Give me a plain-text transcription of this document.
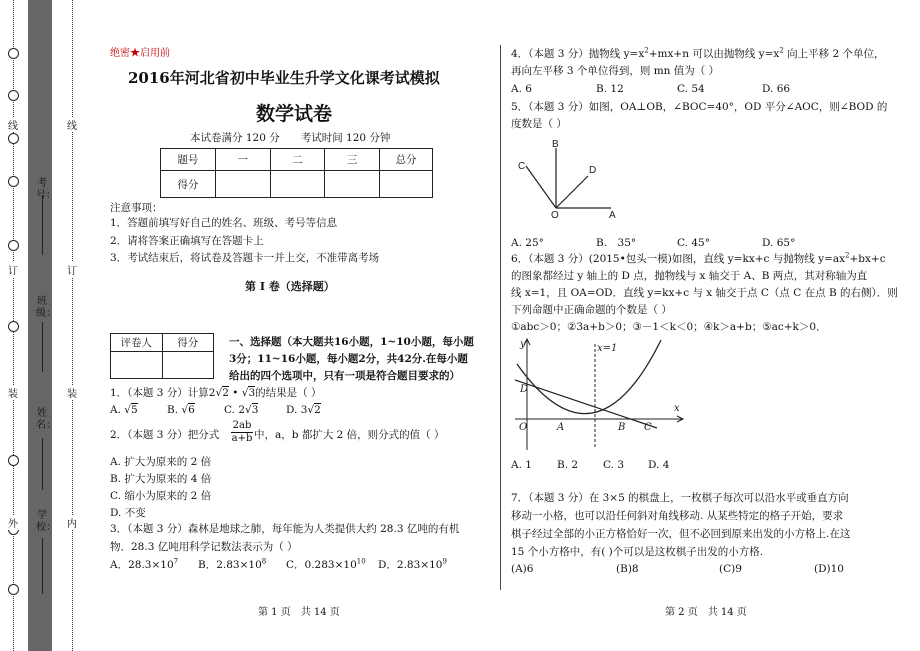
线
订
装
外
考号：
班级：
姓名：
学校：
线
订
装
内
绝密★启用前
2016年河北省初中毕业生升学文化课考试模拟
数学试卷
本试卷满分 120 分　　考试时间 120 分钟
题号	一	二	三	总分
得分				
注意事项：
1．答题前填写好自己的姓名、班级、考号等信息
2．请将答案正确填写在答题卡上
3．考试结束后，将试卷及答题卡一并上交，不准带离考场
第 I 卷（选择题）
评卷人	得分
		一、选择题（本大题共16小题，1~10小题，每小题
3分；11~16小题，每小题2分，共42分.在每小题
给出的四个选项中，只有一项是符合题目要求的）
1．（本题 3 分）计算2√2 • √3的结果是（ ）
A. √5	B. √6	C. 2√3	D. 3√2
2．（本题 3 分）把分式
2ab
a+b 中，a，b 都扩大 2 倍，则分式的值（ ）
A. 扩大为原来的 2 倍
B. 扩大为原来的 4 倍
C. 缩小为原来的 2 倍
D. 不变
3．（本题 3 分）森林是地球之肺，每年能为人类提供大约 28.3 亿吨的有机
物．28.3 亿吨用科学记数法表示为（ ）
A．$28.3\times 10^7$ B．$2.83\times 10^8$ C．$0.283\times 10^{10}$ D．$2.83\times 10^9$
第 1 页　共 14 页
4．（本题 3 分）抛物线 $y=x^2+mx+n$ 可以由抛物线 $y=x^2$ 向上平移 2 个单位，
再向左平移 3 个单位得到，则 mn 值为（ ）
A. 6	B. 12	C. 54	D. 66
5．（本题 3 分）如图，OA⊥OB，∠BOC=40°，OD 平分∠AOC，则∠BOD 的
度数是（ ）
B
C	D
O	A
A. 25°	B.　35°	C. 45°	D. 65°
6．（本题 3 分）(2015•包头一模)如图，直线 y=kx+c 与抛物线 $y=ax^2+bx+c$
的图象都经过 y 轴上的 D 点，抛物线与 x 轴交于 A、B 两点，其对称轴为直
线 x=1，且 OA=OD．直线 y=kx+c 与 x 轴交于点 C（点 C 在点 B 的右侧）．则
下列命题中正确命题的个数是（ ）
①abc＞0；②3a+b＞0；③－1＜k＜0；④k＞a+b；⑤ac+k＞0．
y	x=1
D
O	A	B C
x
A. 1 B. 2 C. 3 D. 4
7．（本题 3 分）在 3×5 的棋盘上，一枚棋子每次可以沿水平或垂直方向
移动一小格，也可以沿任何斜对角线移动. 从某些特定的格子开始，要求
棋子经过全部的小正方格恰好一次，但不必回到原来出发的小方格上.在这
15 个小方格中，有( )个可以是这枚棋子出发的小方格.
(A)6	(B)8	(C)9	(D)10
第 2 页　共 14 页
